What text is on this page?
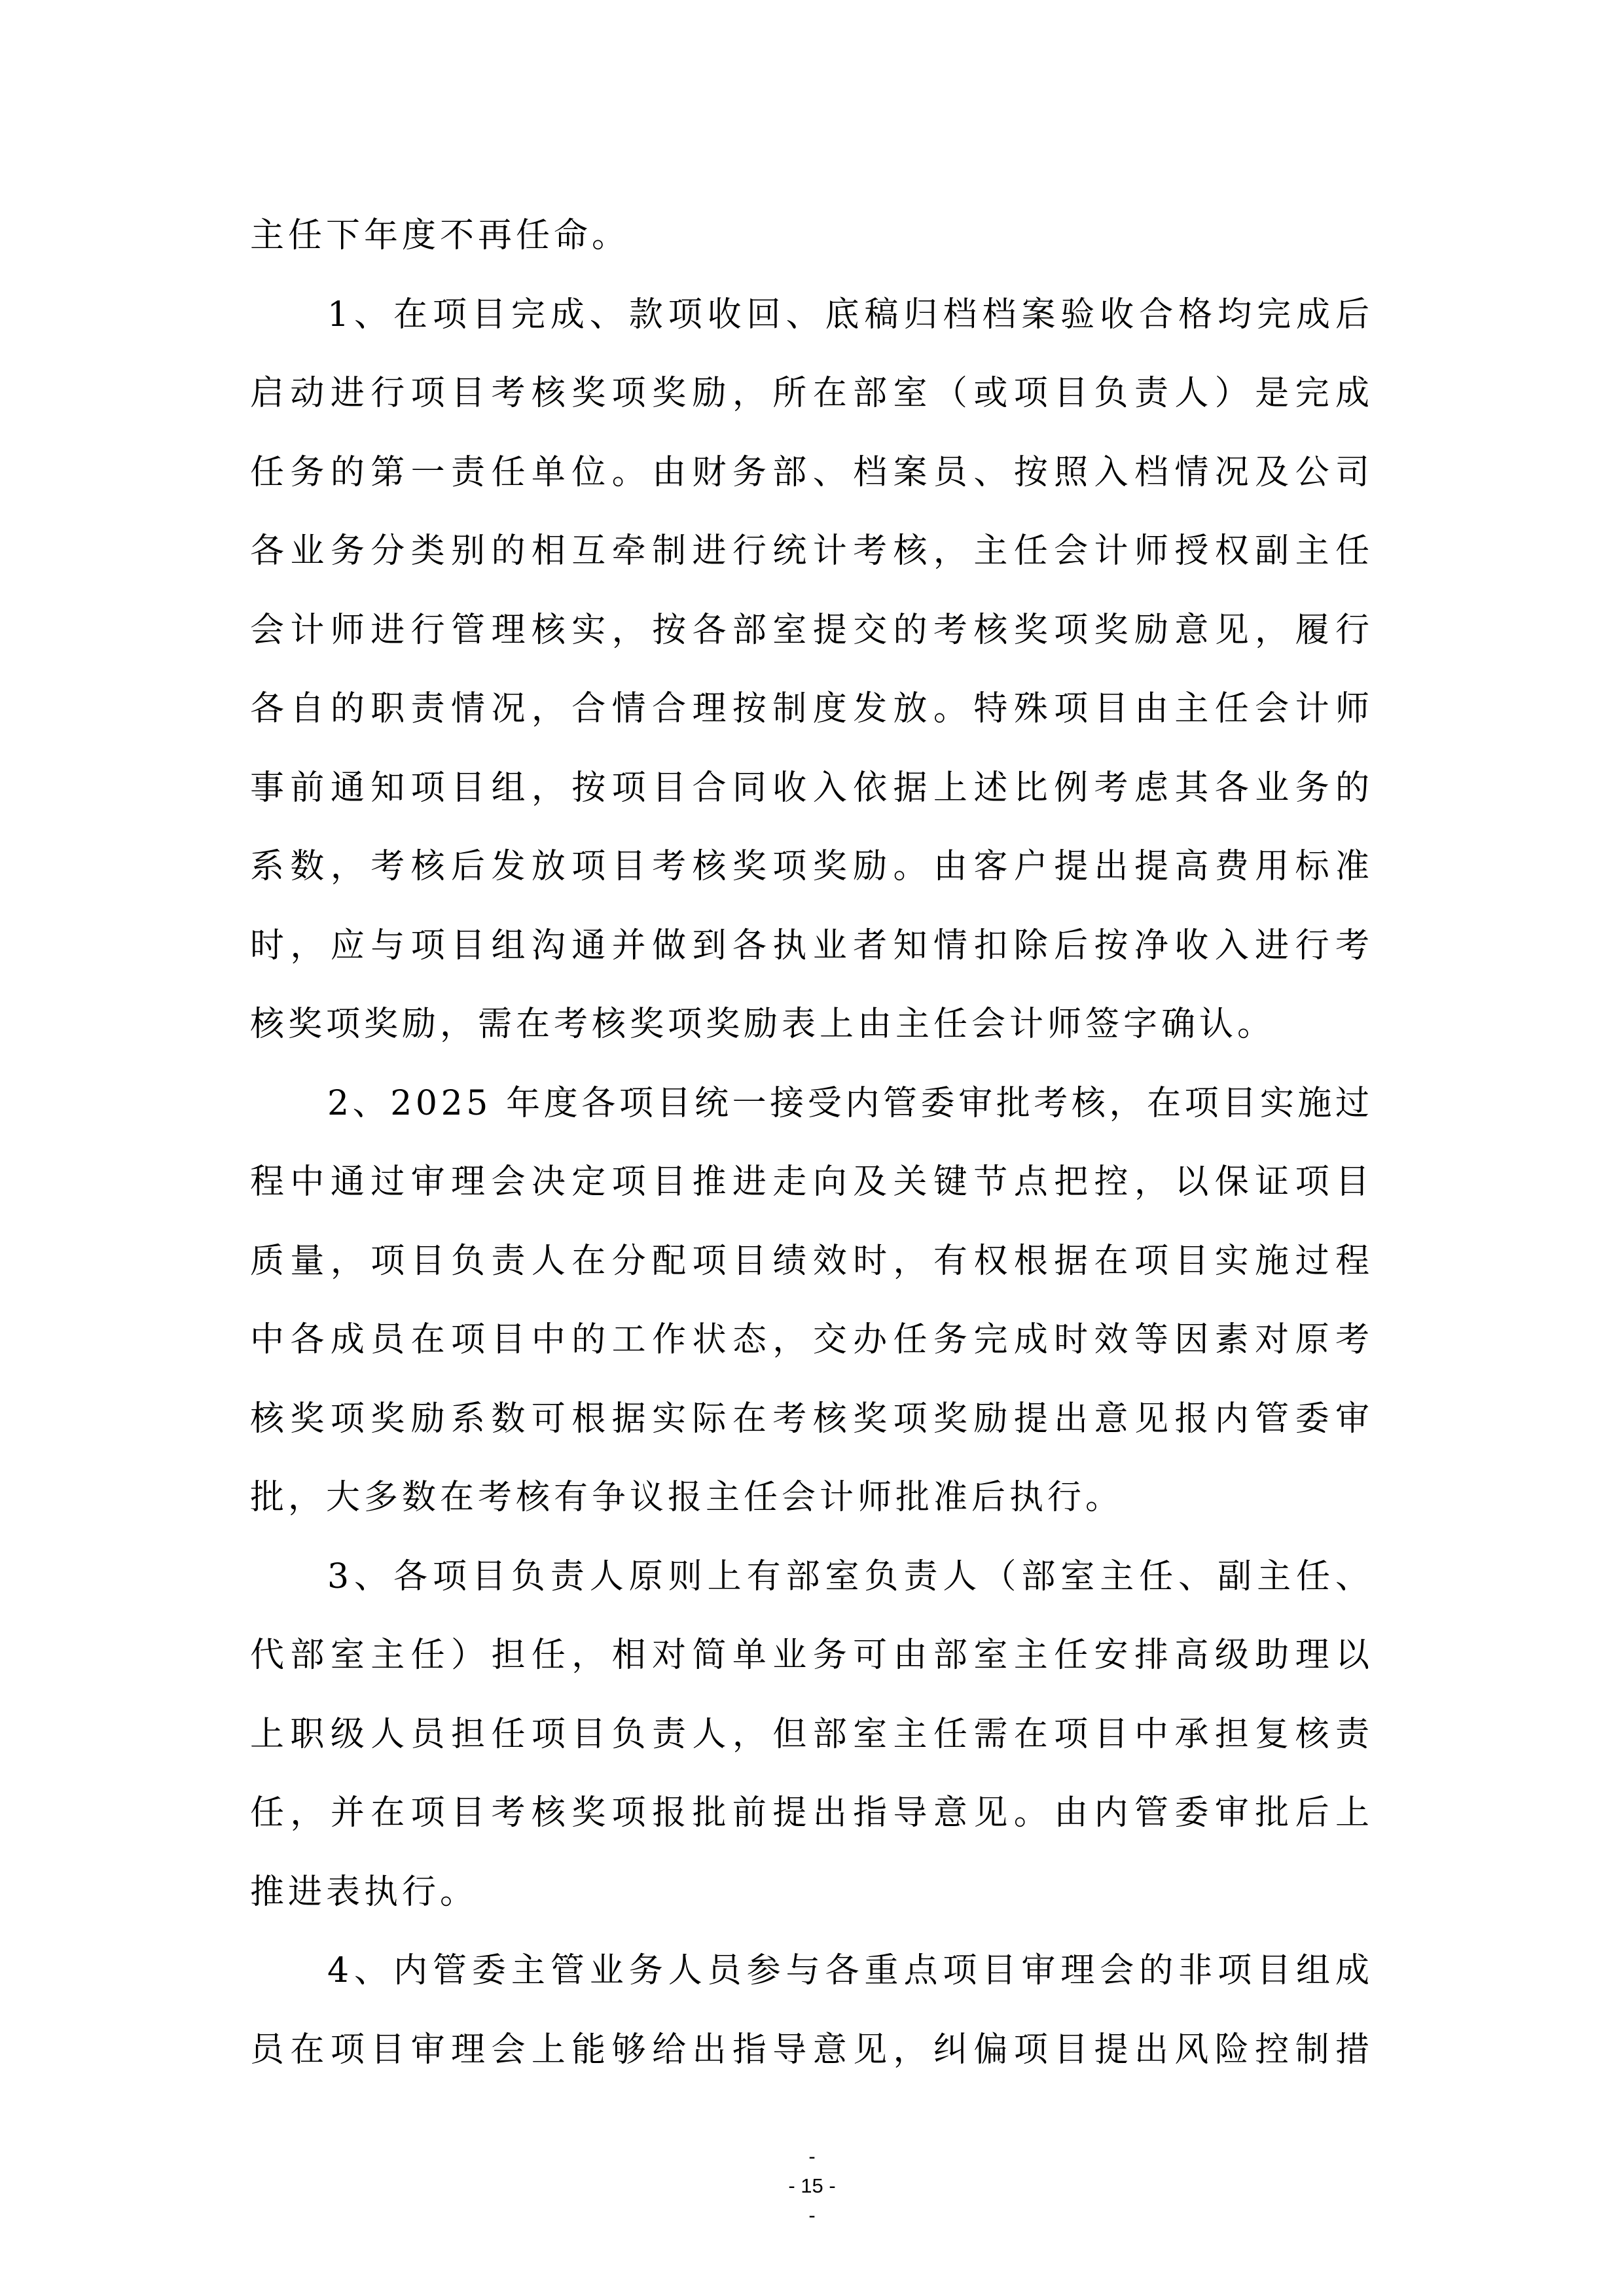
主任下年度不再任命。
1、在项目完成、款项收回、底稿归档档案验收合格均完成后
启动进行项目考核奖项奖励，所在部室（或项目负责人）是完成
任务的第一责任单位。由财务部、档案员、按照入档情况及公司
各业务分类别的相互牵制进行统计考核，主任会计师授权副主任
会计师进行管理核实，按各部室提交的考核奖项奖励意见，履行
各自的职责情况，合情合理按制度发放。特殊项目由主任会计师
事前通知项目组，按项目合同收入依据上述比例考虑其各业务的
系数，考核后发放项目考核奖项奖励。由客户提出提高费用标准
时，应与项目组沟通并做到各执业者知情扣除后按净收入进行考
核奖项奖励，需在考核奖项奖励表上由主任会计师签字确认。
2、2025 年度各项目统一接受内管委审批考核，在项目实施过
程中通过审理会决定项目推进走向及关键节点把控，以保证项目
质量，项目负责人在分配项目绩效时，有权根据在项目实施过程
中各成员在项目中的工作状态，交办任务完成时效等因素对原考
核奖项奖励系数可根据实际在考核奖项奖励提出意见报内管委审
批，大多数在考核有争议报主任会计师批准后执行。
3、各项目负责人原则上有部室负责人（部室主任、副主任、
代部室主任）担任，相对简单业务可由部室主任安排高级助理以
上职级人员担任项目负责人，但部室主任需在项目中承担复核责
任，并在项目考核奖项报批前提出指导意见。由内管委审批后上
推进表执行。
4、内管委主管业务人员参与各重点项目审理会的非项目组成
员在项目审理会上能够给出指导意见，纠偏项目提出风险控制措
-
- 15 -
-
